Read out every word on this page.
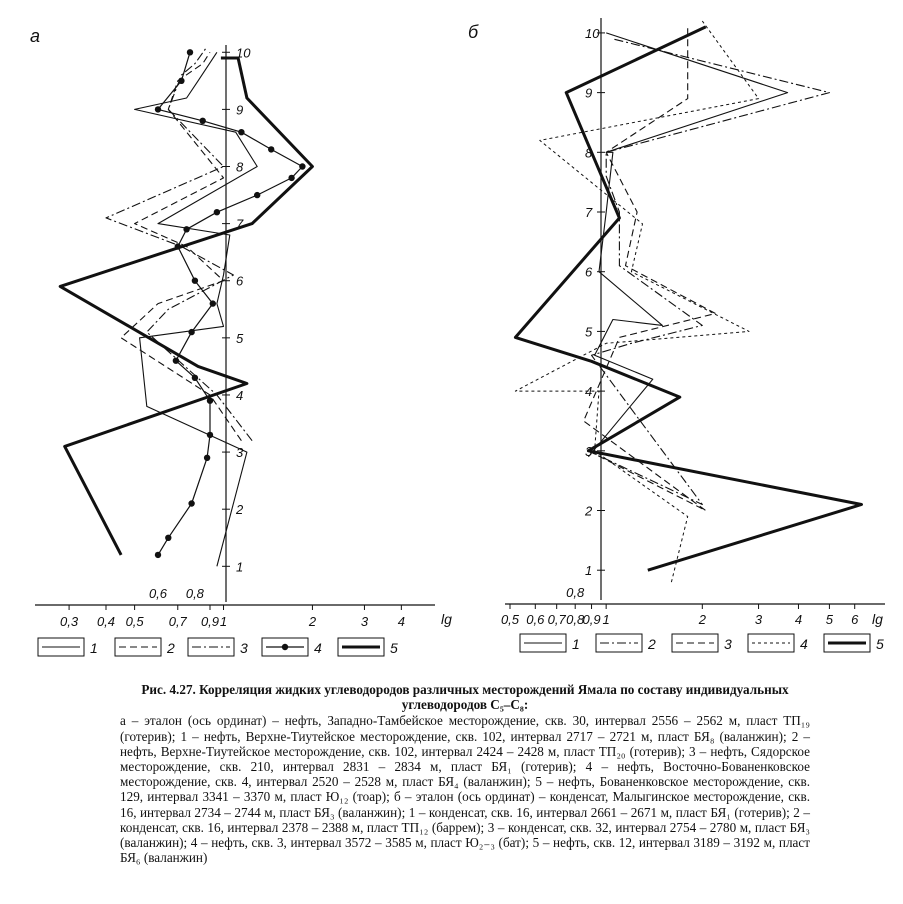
а
lg
0,3 0,4 0,5 0,7 0,9 1	2	3 4
0,6 0,8
1
2
3
4
5
6
7
8
9
10
б
lg
0,5 0,6 0,7 0,8
0,9 1	2	3	4 5 6
0,8
1
2
3
4
5
6
7
8
9
10
1	2	3	4	5	1	2	3	4	5
Рис. 4.27. Корреляция жидких углеводородов различных месторождений Ямала по составу индивидуальных углеводородов С₅–С₈:
а – эталон (ось ординат) – нефть, Западно-Тамбейское месторождение, скв. 30, интервал 2556 – 2562 м, пласт ТП₁₉ (готерив); 1 – нефть, Верхне-Тиутейское месторождение, скв. 102, интервал 2717 – 2721 м, пласт БЯ₈ (валанжин); 2 – нефть, Верхне-Тиутейское месторождение, скв. 102, интервал 2424 – 2428 м, пласт ТП₂₀ (готерив); 3 – нефть, Сядорское месторождение, скв. 210, интервал 2831 – 2834 м, пласт БЯ₁ (готерив); 4 – нефть, Восточно-Бованенковское месторождение, скв. 4, интервал 2520 – 2528 м, пласт БЯ₄ (валанжин); 5 – нефть, Бованенковское месторождение, скв. 129, интервал 3341 – 3370 м, пласт Ю₁₂ (тоар); б – эталон (ось ординат) – конденсат, Малыгинское месторождение, скв. 16, интервал 2734 – 2744 м, пласт БЯ₃ (валанжин); 1 – конденсат, скв. 16, интервал 2661 – 2671 м, пласт БЯ₁ (готерив); 2 – конденсат, скв. 16, интервал 2378 – 2388 м, пласт ТП₁₂ (баррем); 3 – конденсат, скв. 32, интервал 2754 – 2780 м, пласт БЯ₃ (валанжин); 4 – нефть, скв. 3, интервал 3572 – 3585 м, пласт Ю₂₋₃ (бат); 5 – нефть, скв. 12, интервал 3189 – 3192 м, пласт БЯ₆ (валанжин)
